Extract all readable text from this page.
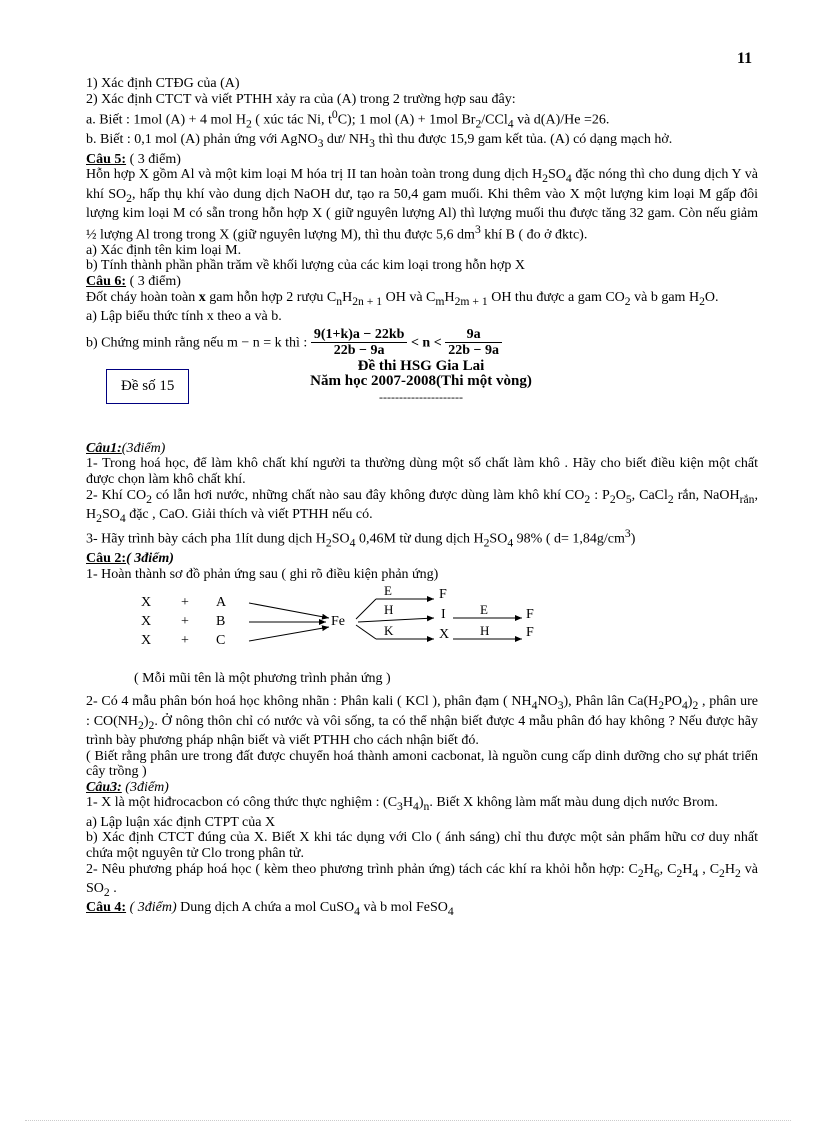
11

1) Xác định CTĐG của (A)

2) Xác định CTCT và viết PTHH xảy ra của (A) trong 2 trường hợp sau đây:

a. Biết : 1mol (A) + 4 mol $H_2$ ( xúc tác Ni, $t^0C$); 1 mol (A) + 1mol $Br_2/CCl_4$ và d(A)/He =26.

b. Biết : 0,1 mol (A) phản ứng với AgNO$_3$ dư/ $NH_3$ thì thu được 15,9 gam kết tủa. (A) có dạng mạch hở.

Câu 5: ( 3 điểm)

Hỗn hợp X gồm Al và một kim loại M hóa trị II tan hoàn toàn trong dung dịch $H_2SO_4$ đặc nóng thì cho dung dịch Y và khí $SO_2$, hấp thụ khí vào dung dịch NaOH dư, tạo ra 50,4 gam muối. Khi thêm vào X một lượng kim loại M gấp đôi lượng kim loại M có sẵn trong hỗn hợp X ( giữ nguyên lượng Al) thì lượng muối thu được tăng 32 gam. Còn nếu giảm ½ lượng Al trong trong X (giữ nguyên lượng M), thì thu được 5,6 $dm^3$ khí B ( đo ở đktc).

a) Xác định tên kim loại M.

b) Tính thành phần phần trăm về khối lượng của các kim loại trong hỗn hợp X

Câu 6: ( 3 điểm)

Đốt cháy hoàn toàn x gam hỗn hợp 2 rượu $C_nH_{2n + 1}$ OH và $C_mH_{2m + 1}$ OH thu được a gam $CO_2$ và b gam $H_2O$.

a) Lập biểu thức tính x theo a và b.

b) Chứng minh rằng nếu m − n = k thì : $\frac{9(1+k)a - 22kb}{22b - 9a} < n < \frac{9a}{22b - 9a}$

Đề số 15
Đề thi HSG Gia Lai
Năm học 2007-2008(Thi một vòng)
---------------------

Câu1:(3điểm)

1- Trong hoá học, để làm khô chất khí người ta thường dùng một số chất làm khô . Hãy cho biết điều kiện một chất được chọn làm khô chất khí.

2- Khí $CO_2$ có lẫn hơi nước, những chất nào sau đây không được dùng làm khô khí $CO_2$ : $P_2O_5$, CaCl$_2$ rắn, NaOH$_{rắn}$, $H_2SO_4$ đặc , CaO. Giải thích và viết PTHH nếu có.

3- Hãy trình bày cách pha 1lít dung dịch $H_2SO_4$ 0,46M từ dung dịch $H_2SO_4$ 98% ( $d= 1,84g/cm^3$)

Câu 2:( 3điểm)

1- Hoàn thành sơ đồ phản ứng sau ( ghi rõ điều kiện phản ứng)

X + A
X + B
X + C
Fe
E
H
K
F
I
X
E
H
F
F

( Mỗi mũi tên là một phương trình phản ứng )

2- Có 4 mẫu phân bón hoá học không nhãn : Phân kali ( KCl ), phân đạm ( $NH_4NO_3$), Phân lân $Ca(H_2PO_4)_2$ , phân ure : $CO(NH_2)_2$. Ở nông thôn chỉ có nước và vôi sống, ta có thể nhận biết được 4 mẫu phân đó hay không ? Nếu được hãy trình bày phương pháp nhận biết và viết PTHH cho cách nhận biết đó.

( Biết rằng phân ure trong đất được chuyển hoá thành amoni cacbonat, là nguồn cung cấp dinh dưỡng cho sự phát triển cây trồng )

Câu3: (3điểm)

1- X là một hiđrocacbon có công thức thực nghiệm : $(C_3H_4)_n$. Biết X không làm mất màu dung dịch nước Brom.

a) Lập luận xác định CTPT của X

b) Xác định CTCT đúng của X. Biết X khi tác dụng với Clo ( ánh sáng) chỉ thu được một sản phẩm hữu cơ duy nhất chứa một nguyên tử Clo trong phân tử.

2- Nêu phương pháp hoá học ( kèm theo phương trình phản ứng) tách các khí ra khỏi hỗn hợp: $C_2H_6$, $C_2H_4$ , $C_2H_2$ và $SO_2$ .

Câu 4: ( 3điểm) Dung dịch A chứa a mol CuSO$_4$ và b mol FeSO$_4$
